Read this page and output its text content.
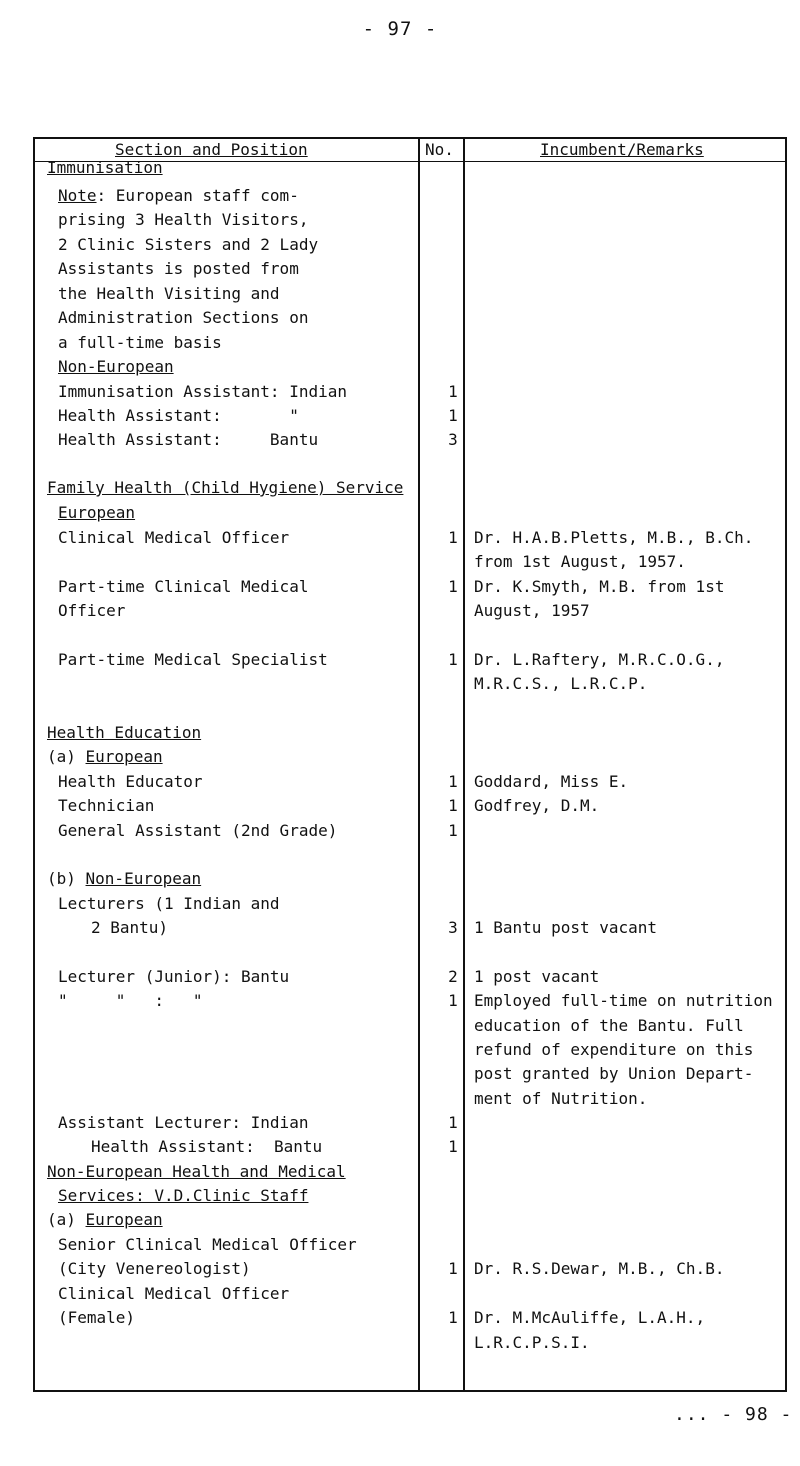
- 97 -
Section and Position	No.	Incumbent/Remarks
Immunisation
Note: European staff com-
prising 3 Health Visitors,
2 Clinic Sisters and 2 Lady
Assistants is posted from
the Health Visiting and
Administration Sections on
a full-time basis
Non-European
Immunisation Assistant: Indian	1
Health Assistant:       "	1
Health Assistant:     Bantu	3
Family Health (Child Hygiene) Service
European
Clinical Medical Officer	1	Dr. H.A.B.Pletts, M.B., B.Ch.
from 1st August, 1957.
Part-time Clinical Medical	1	Dr. K.Smyth, M.B. from 1st
Officer	August, 1957
Part-time Medical Specialist	1	Dr. L.Raftery, M.R.C.O.G.,
M.R.C.S., L.R.C.P.
Health Education
(a) European
Health Educator	1	Goddard, Miss E.
Technician	1	Godfrey, D.M.
General Assistant (2nd Grade)	1
(b) Non-European
Lecturers (1 Indian and
2 Bantu)	3	1 Bantu post vacant
Lecturer (Junior): Bantu	2	1 post vacant
"     "   :   "	1	Employed full-time on nutrition
education of the Bantu. Full
refund of expenditure on this
post granted by Union Depart-
ment of Nutrition.
Assistant Lecturer: Indian	1
Health Assistant:  Bantu	1
Non-European Health and Medical
Services: V.D.Clinic Staff
(a) European
Senior Clinical Medical Officer
(City Venereologist)	1	Dr. R.S.Dewar, M.B., Ch.B.
Clinical Medical Officer
(Female)	1	Dr. M.McAuliffe, L.A.H.,
L.R.C.P.S.I.
... - 98 -
